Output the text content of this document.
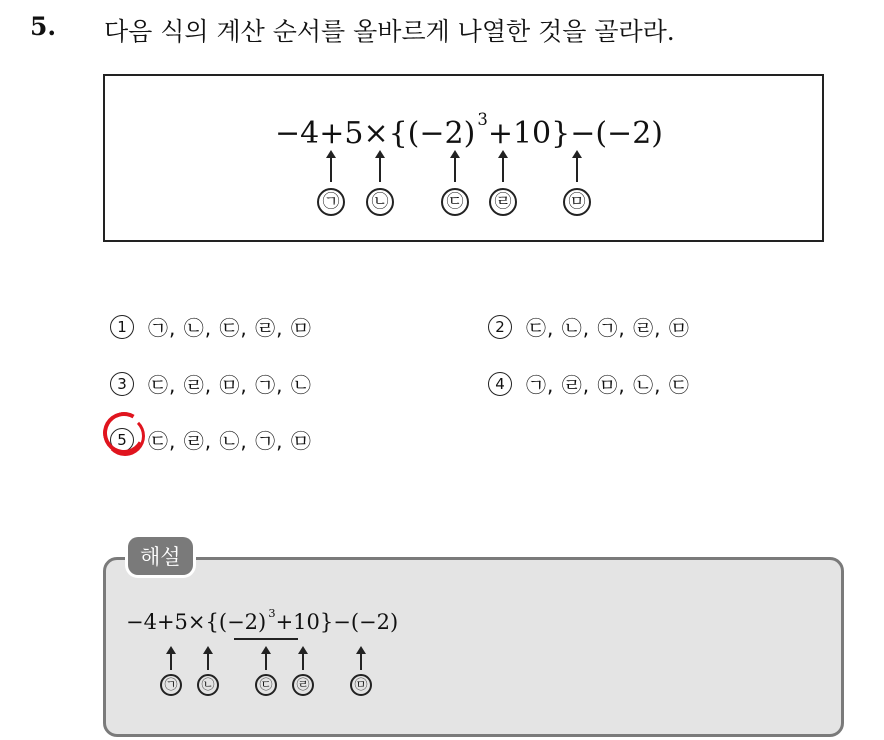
5. 다음 식의 계산 순서를 올바르게 나열한 것을 골라라.
−4+5×{(−2) $^3$+10}−(−2)
㉠	㉡	㉢	㉣	㉤
1	㉠, ㉡, ㉢, ㉣, ㉤	2	㉢, ㉡, ㉠, ㉣, ㉤
3	㉢, ㉣, ㉤, ㉠, ㉡	4	㉠, ㉣, ㉤, ㉡, ㉢
5	㉢, ㉣, ㉡, ㉠, ㉤
−4+5×{(−2) $^3$+10}−(−2)
㉠	㉡	㉢	㉣	㉤
해설
